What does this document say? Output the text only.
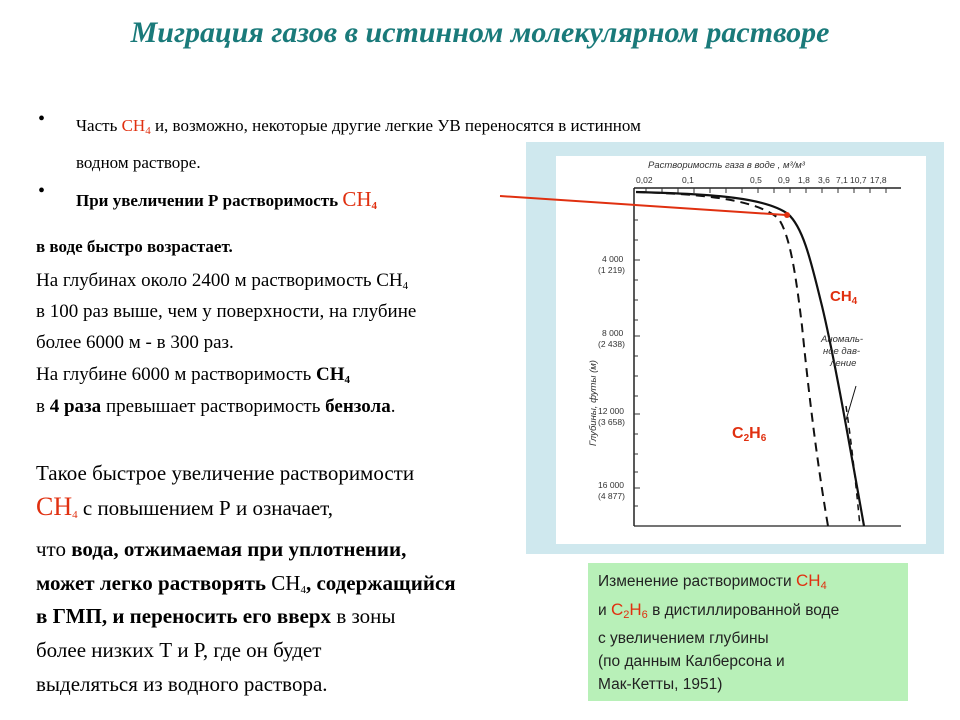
Миграция газов в истинном молекулярном растворе
• Часть $CH_4$ и, возможно, некоторые другие легкие УВ переносятся в истинном
водном растворе.
• При увеличении Р растворимость $CH_4$
в воде быстро возрастает.
На глубинах около 2400 м растворимость $СН_4$
в 100 раз выше, чем у поверхности, на глубине
более 6000 м - в 300 раз.
На глубине 6000 м растворимость $СН_4$
в 4 раза превышает растворимость бензола.
Такое быстрое увеличение растворимости
$CH_4$ с повышением Р и означает,
что вода, отжимаемая при уплотнении,
может легко растворять $СН_4$, содержащийся
в ГМП, и переносить его вверх в зоны
более низких Т и Р, где он будет
выделяться из водного раствора.
Растворимость газа в воде , м³/м³
0,02	0,1	0,5 0,9 1,8 3,6 7,1 10,7 17,8
Глубины, футы (м)
4 000
(1 219)
8 000
(2 438)
12 000
(3 658)
16 000
(4 877)
Аномаль-
ное дав-
ление
$CH_4$
C2H6
Изменение растворимости $CH_4$
и $С_2Н_6$ в дистиллированной воде
с увеличением глубины
(по данным Калберсона и
Мак-Кетты, 1951)
